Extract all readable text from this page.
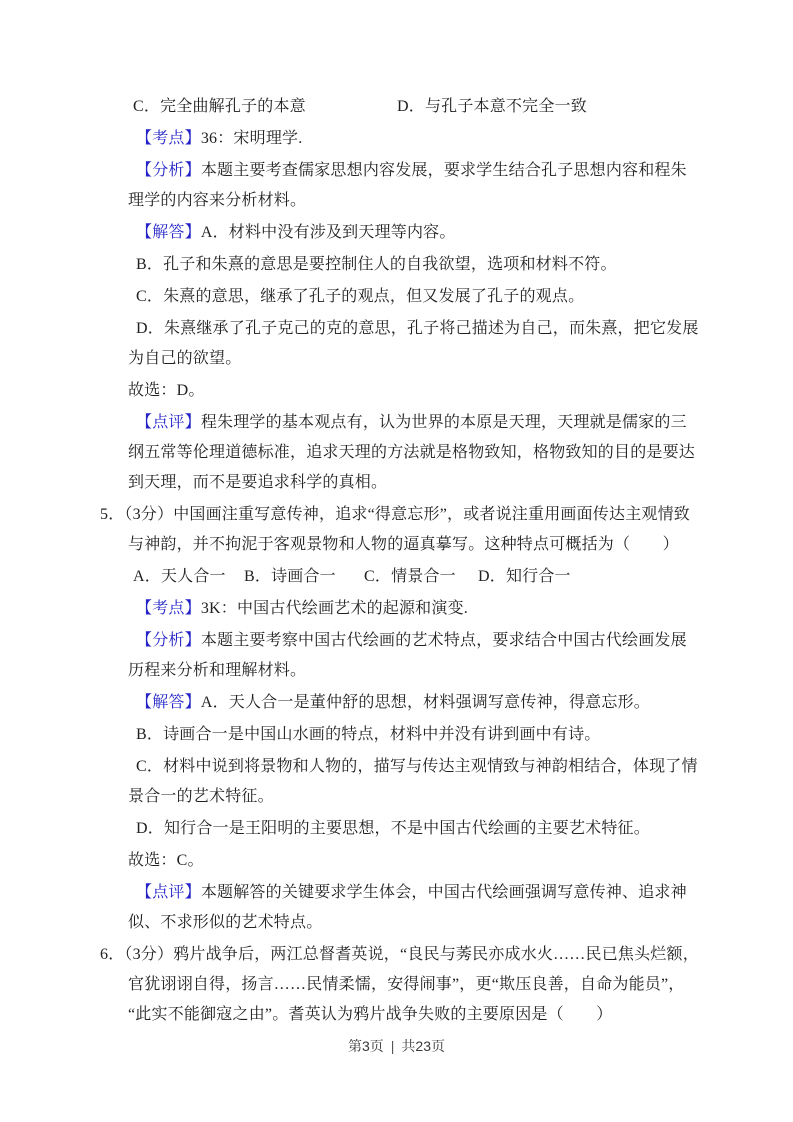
C．完全曲解孔子的本意	D．与孔子本意不完全一致

【考点】36：宋明理学.

【分析】本题主要考查儒家思想内容发展，要求学生结合孔子思想内容和程朱理学的内容来分析材料。

【解答】A．材料中没有涉及到天理等内容。

B．孔子和朱熹的意思是要控制住人的自我欲望，选项和材料不符。

C．朱熹的意思，继承了孔子的观点，但又发展了孔子的观点。

D．朱熹继承了孔子克己的克的意思，孔子将己描述为自己，而朱熹，把它发展为自己的欲望。

故选：D。

【点评】程朱理学的基本观点有，认为世界的本原是天理，天理就是儒家的三纲五常等伦理道德标准，追求天理的方法就是格物致知，格物致知的目的是要达到天理，而不是要追求科学的真相。

5．（3分）中国画注重写意传神，追求“得意忘形”，或者说注重用画面传达主观情致与神韵，并不拘泥于客观景物和人物的逼真摹写。这种特点可概括为（　　）

A．天人合一	B．诗画合一	C．情景合一	D．知行合一

【考点】3K：中国古代绘画艺术的起源和演变.

【分析】本题主要考察中国古代绘画的艺术特点，要求结合中国古代绘画发展历程来分析和理解材料。

【解答】A．天人合一是董仲舒的思想，材料强调写意传神，得意忘形。

B．诗画合一是中国山水画的特点，材料中并没有讲到画中有诗。

C．材料中说到将景物和人物的，描写与传达主观情致与神韵相结合，体现了情景合一的艺术特征。

D．知行合一是王阳明的主要思想，不是中国古代绘画的主要艺术特征。

故选：C。

【点评】本题解答的关键要求学生体会，中国古代绘画强调写意传神、追求神似、不求形似的艺术特点。

6．（3分）鸦片战争后，两江总督耆英说，“良民与莠民亦成水火……民已焦头烂额，官犹诩诩自得，扬言……民情柔懦，安得闹事”，更“欺压良善，自命为能员”，“此实不能御寇之由”。耆英认为鸦片战争失败的主要原因是（　　）

第3页 | 共23页
